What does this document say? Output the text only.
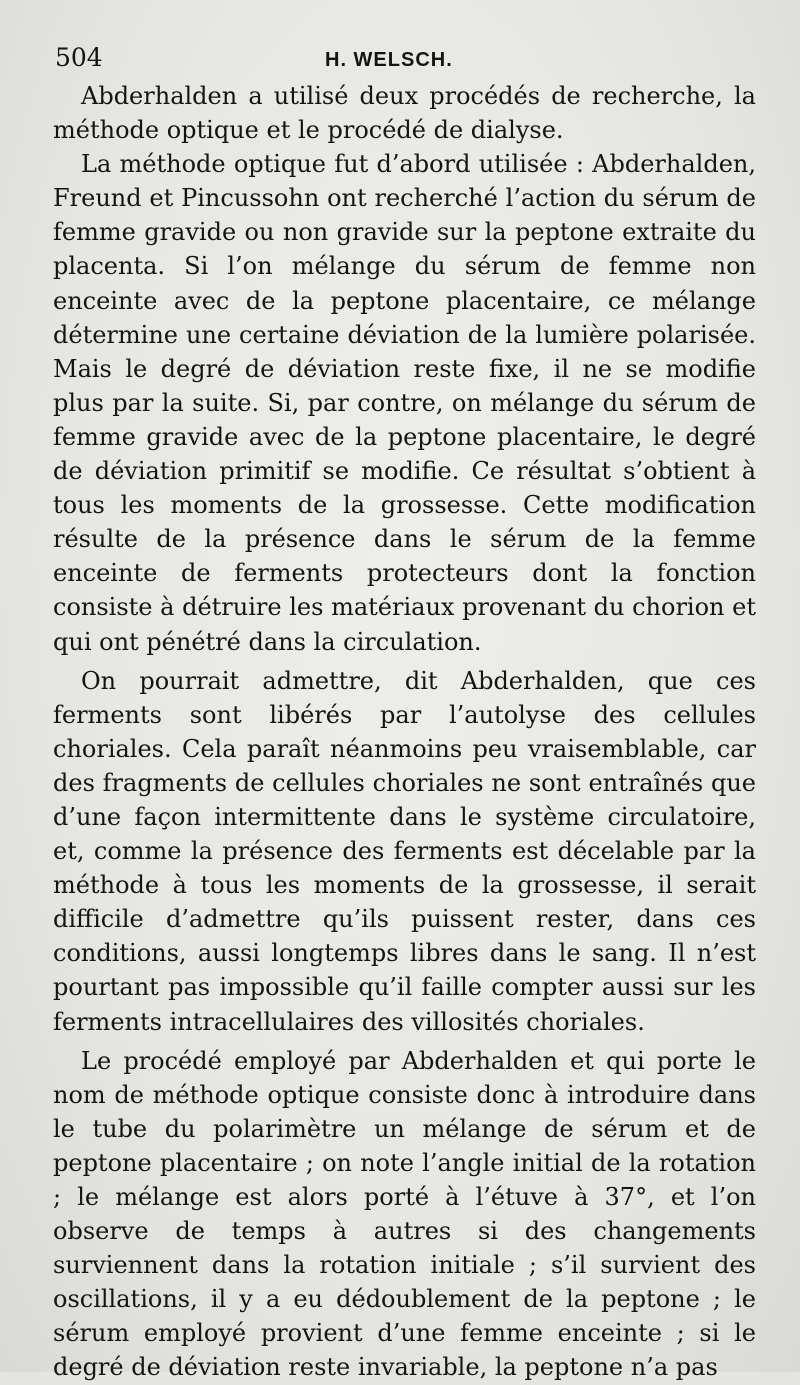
504	H. WELSCH.

Abderhalden a utilisé deux procédés de recherche, la méthode optique et le procédé de dialyse.

La méthode optique fut d’abord utilisée : Abderhalden, Freund et Pincussohn ont recherché l’action du sérum de femme gravide ou non gravide sur la peptone extraite du placenta. Si l’on mélange du sérum de femme non enceinte avec de la peptone placentaire, ce mélange détermine une certaine déviation de la lumière polarisée. Mais le degré de déviation reste fixe, il ne se modifie plus par la suite. Si, par contre, on mélange du sérum de femme gravide avec de la peptone placentaire, le degré de déviation primitif se modifie. Ce résultat s’obtient à tous les moments de la grossesse. Cette modification résulte de la présence dans le sérum de la femme enceinte de ferments protecteurs dont la fonction consiste à détruire les matériaux provenant du chorion et qui ont pénétré dans la circulation.

On pourrait admettre, dit Abderhalden, que ces ferments sont libérés par l’autolyse des cellules choriales. Cela paraît néanmoins peu vraisemblable, car des fragments de cellules choriales ne sont entraînés que d’une façon intermittente dans le système circulatoire, et, comme la présence des ferments est décelable par la méthode à tous les moments de la grossesse, il serait difficile d’admettre qu’ils puissent rester, dans ces conditions, aussi longtemps libres dans le sang. Il n’est pourtant pas impossible qu’il faille compter aussi sur les ferments intracellulaires des villosités choriales.

Le procédé employé par Abderhalden et qui porte le nom de méthode optique consiste donc à introduire dans le tube du polarimètre un mélange de sérum et de peptone placentaire ; on note l’angle initial de la rotation ; le mélange est alors porté à l’étuve à 37°, et l’on observe de temps à autres si des changements surviennent dans la rotation initiale ; s’il survient des oscillations, il y a eu dédoublement de la peptone ; le sérum employé provient d’une femme enceinte ; si le degré de déviation reste invariable, la peptone n’a pas
